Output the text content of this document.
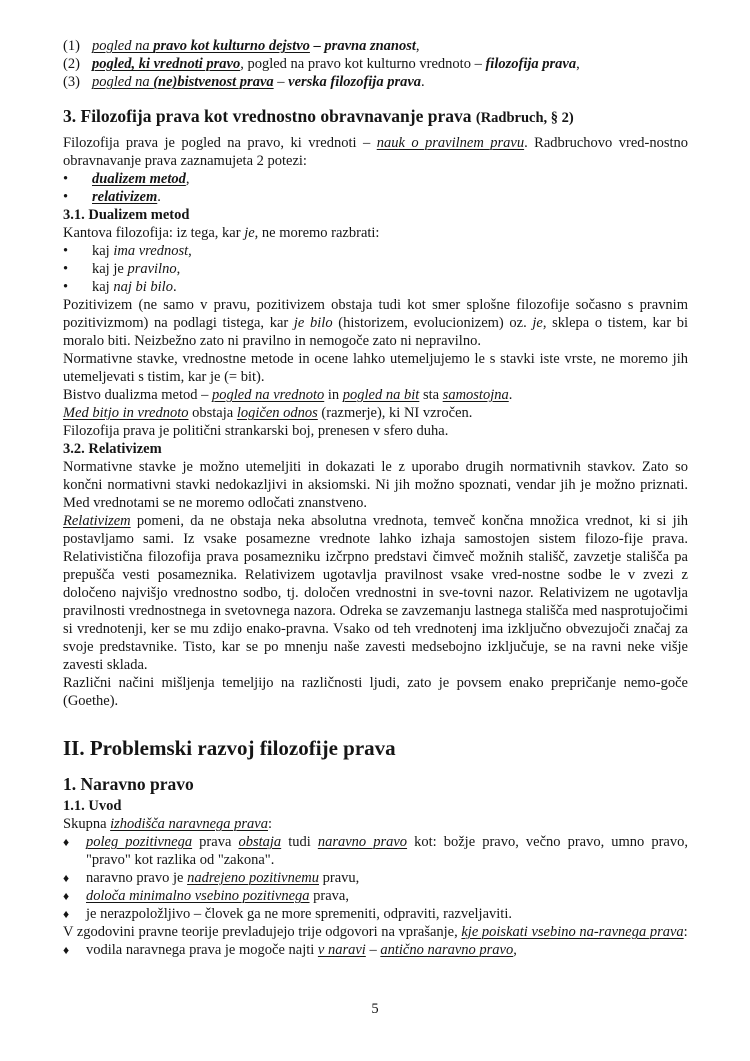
(1) pogled na pravo kot kulturno dejstvo – pravna znanost,
(2) pogled, ki vrednoti pravo, pogled na pravo kot kulturno vrednoto – filozofija prava,
(3) pogled na (ne)bistvenost prava – verska filozofija prava.
3. Filozofija prava kot vrednostno obravnavanje prava (Radbruch, § 2)
Filozofija prava je pogled na pravo, ki vrednoti – nauk o pravilnem pravu. Radbruchovo vred-nostno obravnavanje prava zaznamujeta 2 potezi:
• dualizem metod,
• relativizem.
3.1. Dualizem metod
Kantova filozofija: iz tega, kar je, ne moremo razbrati:
• kaj ima vrednost,
• kaj je pravilno,
• kaj naj bi bilo.
Pozitivizem (ne samo v pravu, pozitivizem obstaja tudi kot smer splošne filozofije sočasno s pravnim pozitivizmom) na podlagi tistega, kar je bilo (historizem, evolucionizem) oz. je, sklepa o tistem, kar bi moralo biti. Neizbežno zato ni pravilno in nemogoče zato ni nepravilno.
Normativne stavke, vrednostne metode in ocene lahko utemeljujemo le s stavki iste vrste, ne moremo jih utemeljevati s tistim, kar je (= bit).
Bistvo dualizma metod – pogled na vrednoto in pogled na bit sta samostojna.
Med bitjo in vrednoto obstaja logičen odnos (razmerje), ki NI vzročen.
Filozofija prava je politični strankarski boj, prenesen v sfero duha.
3.2. Relativizem
Normativne stavke je možno utemeljiti in dokazati le z uporabo drugih normativnih stavkov. Zato so končni normativni stavki nedokazljivi in aksiomski. Ni jih možno spoznati, vendar jih je možno priznati. Med vrednotami se ne moremo odločati znanstveno.
Relativizem pomeni, da ne obstaja neka absolutna vrednota, temveč končna množica vrednot, ki si jih postavljamo sami. Iz vsake posamezne vrednote lahko izhaja samostojen sistem filozo-fije prava. Relativistična filozofija prava posamezniku izčrpno predstavi čimveč možnih stališč, zavzetje stališča pa prepušča vesti posameznika. Relativizem ugotavlja pravilnost vsake vred-nostne sodbe le v zvezi z določeno najvišjo vrednostno sodbo, tj. določen vrednostni in sve-tovni nazor. Relativizem ne ugotavlja pravilnosti vrednostnega in svetovnega nazora. Odreka se zavzemanju lastnega stališča med nasprotujočimi si vrednotenji, ker se mu zdijo enako-pravna. Vsako od teh vrednotenj ima izključno obvezujoči značaj za svoje predstavnike. Tisto, kar se po mnenju naše zavesti medsebojno izključuje, se na ravni neke višje zavesti sklada.
Različni načini mišljenja temeljijo na različnosti ljudi, zato je povsem enako prepričanje nemo-goče (Goethe).
II. Problemski razvoj filozofije prava
1. Naravno pravo
1.1. Uvod
Skupna izhodišča naravnega prava:
♦ poleg pozitivnega prava obstaja tudi naravno pravo kot: božje pravo, večno pravo, umno pravo, "pravo" kot razlika od "zakona".
♦ naravno pravo je nadrejeno pozitivnemu pravu,
♦ določa minimalno vsebino pozitivnega prava,
♦ je nerazpoložljivo – človek ga ne more spremeniti, odpraviti, razveljaviti.
V zgodovini pravne teorije prevladujejo trije odgovori na vprašanje, kje poiskati vsebino na-ravnega prava:
♦ vodila naravnega prava je mogoče najti v naravi – antično naravno pravo,
5
